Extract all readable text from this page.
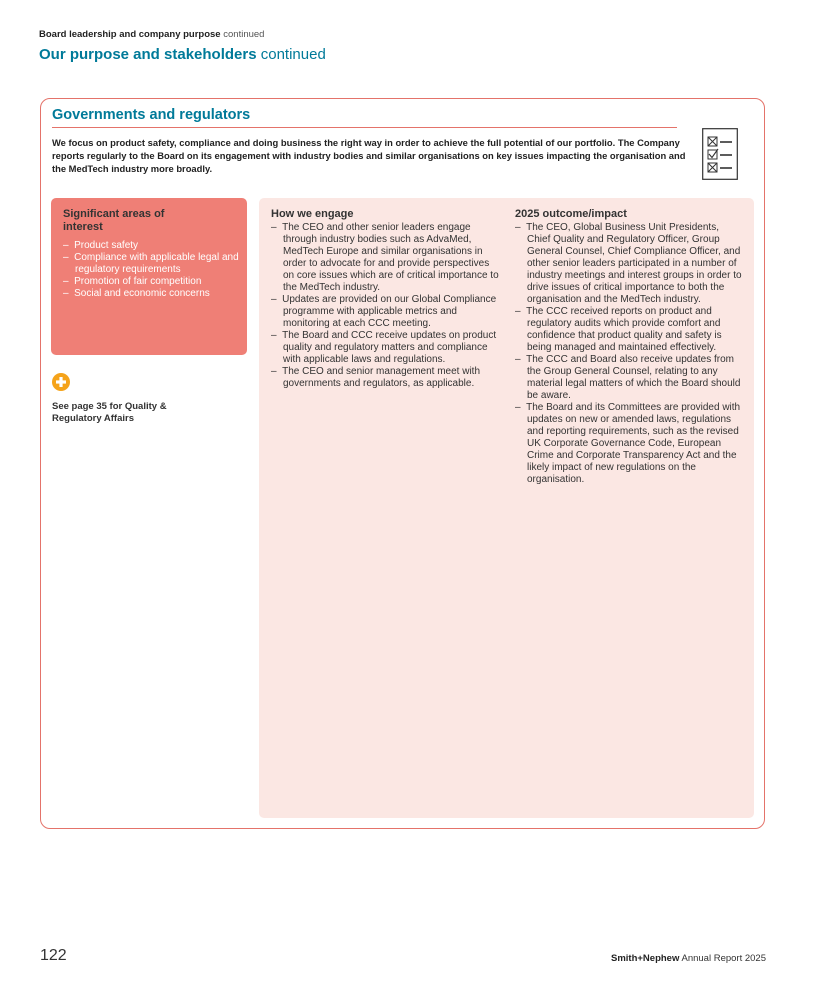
Board leadership and company purpose continued
Our purpose and stakeholders continued
Governments and regulators
We focus on product safety, compliance and doing business the right way in order to achieve the full potential of our portfolio. The Company reports regularly to the Board on its engagement with industry bodies and similar organisations on key issues impacting the organisation and the MedTech industry more broadly.
Significant areas of interest
–  Product safety
–  Compliance with applicable legal and regulatory requirements
–  Promotion of fair competition
–  Social and economic concerns
See page 35 for Quality & Regulatory Affairs
How we engage
–  The CEO and other senior leaders engage through industry bodies such as AdvaMed, MedTech Europe and similar organisations in order to advocate for and provide perspectives on core issues which are of critical importance to the MedTech industry.
–  Updates are provided on our Global Compliance programme with applicable metrics and monitoring at each CCC meeting.
–  The Board and CCC receive updates on product quality and regulatory matters and compliance with applicable laws and regulations.
–  The CEO and senior management meet with governments and regulators, as applicable.
2025 outcome/impact
–  The CEO, Global Business Unit Presidents, Chief Quality and Regulatory Officer, Group General Counsel, Chief Compliance Officer, and other senior leaders participated in a number of industry meetings and interest groups in order to drive issues of critical importance to both the organisation and the MedTech industry.
–  The CCC received reports on product and regulatory audits which provide comfort and confidence that product quality and safety is being managed and maintained effectively.
–  The CCC and Board also receive updates from the Group General Counsel, relating to any material legal matters of which the Board should be aware.
–  The Board and its Committees are provided with updates on new or amended laws, regulations and reporting requirements, such as the revised UK Corporate Governance Code, European Crime and Corporate Transparency Act and the likely impact of new regulations on the organisation.
122	Smith+Nephew Annual Report 2025
